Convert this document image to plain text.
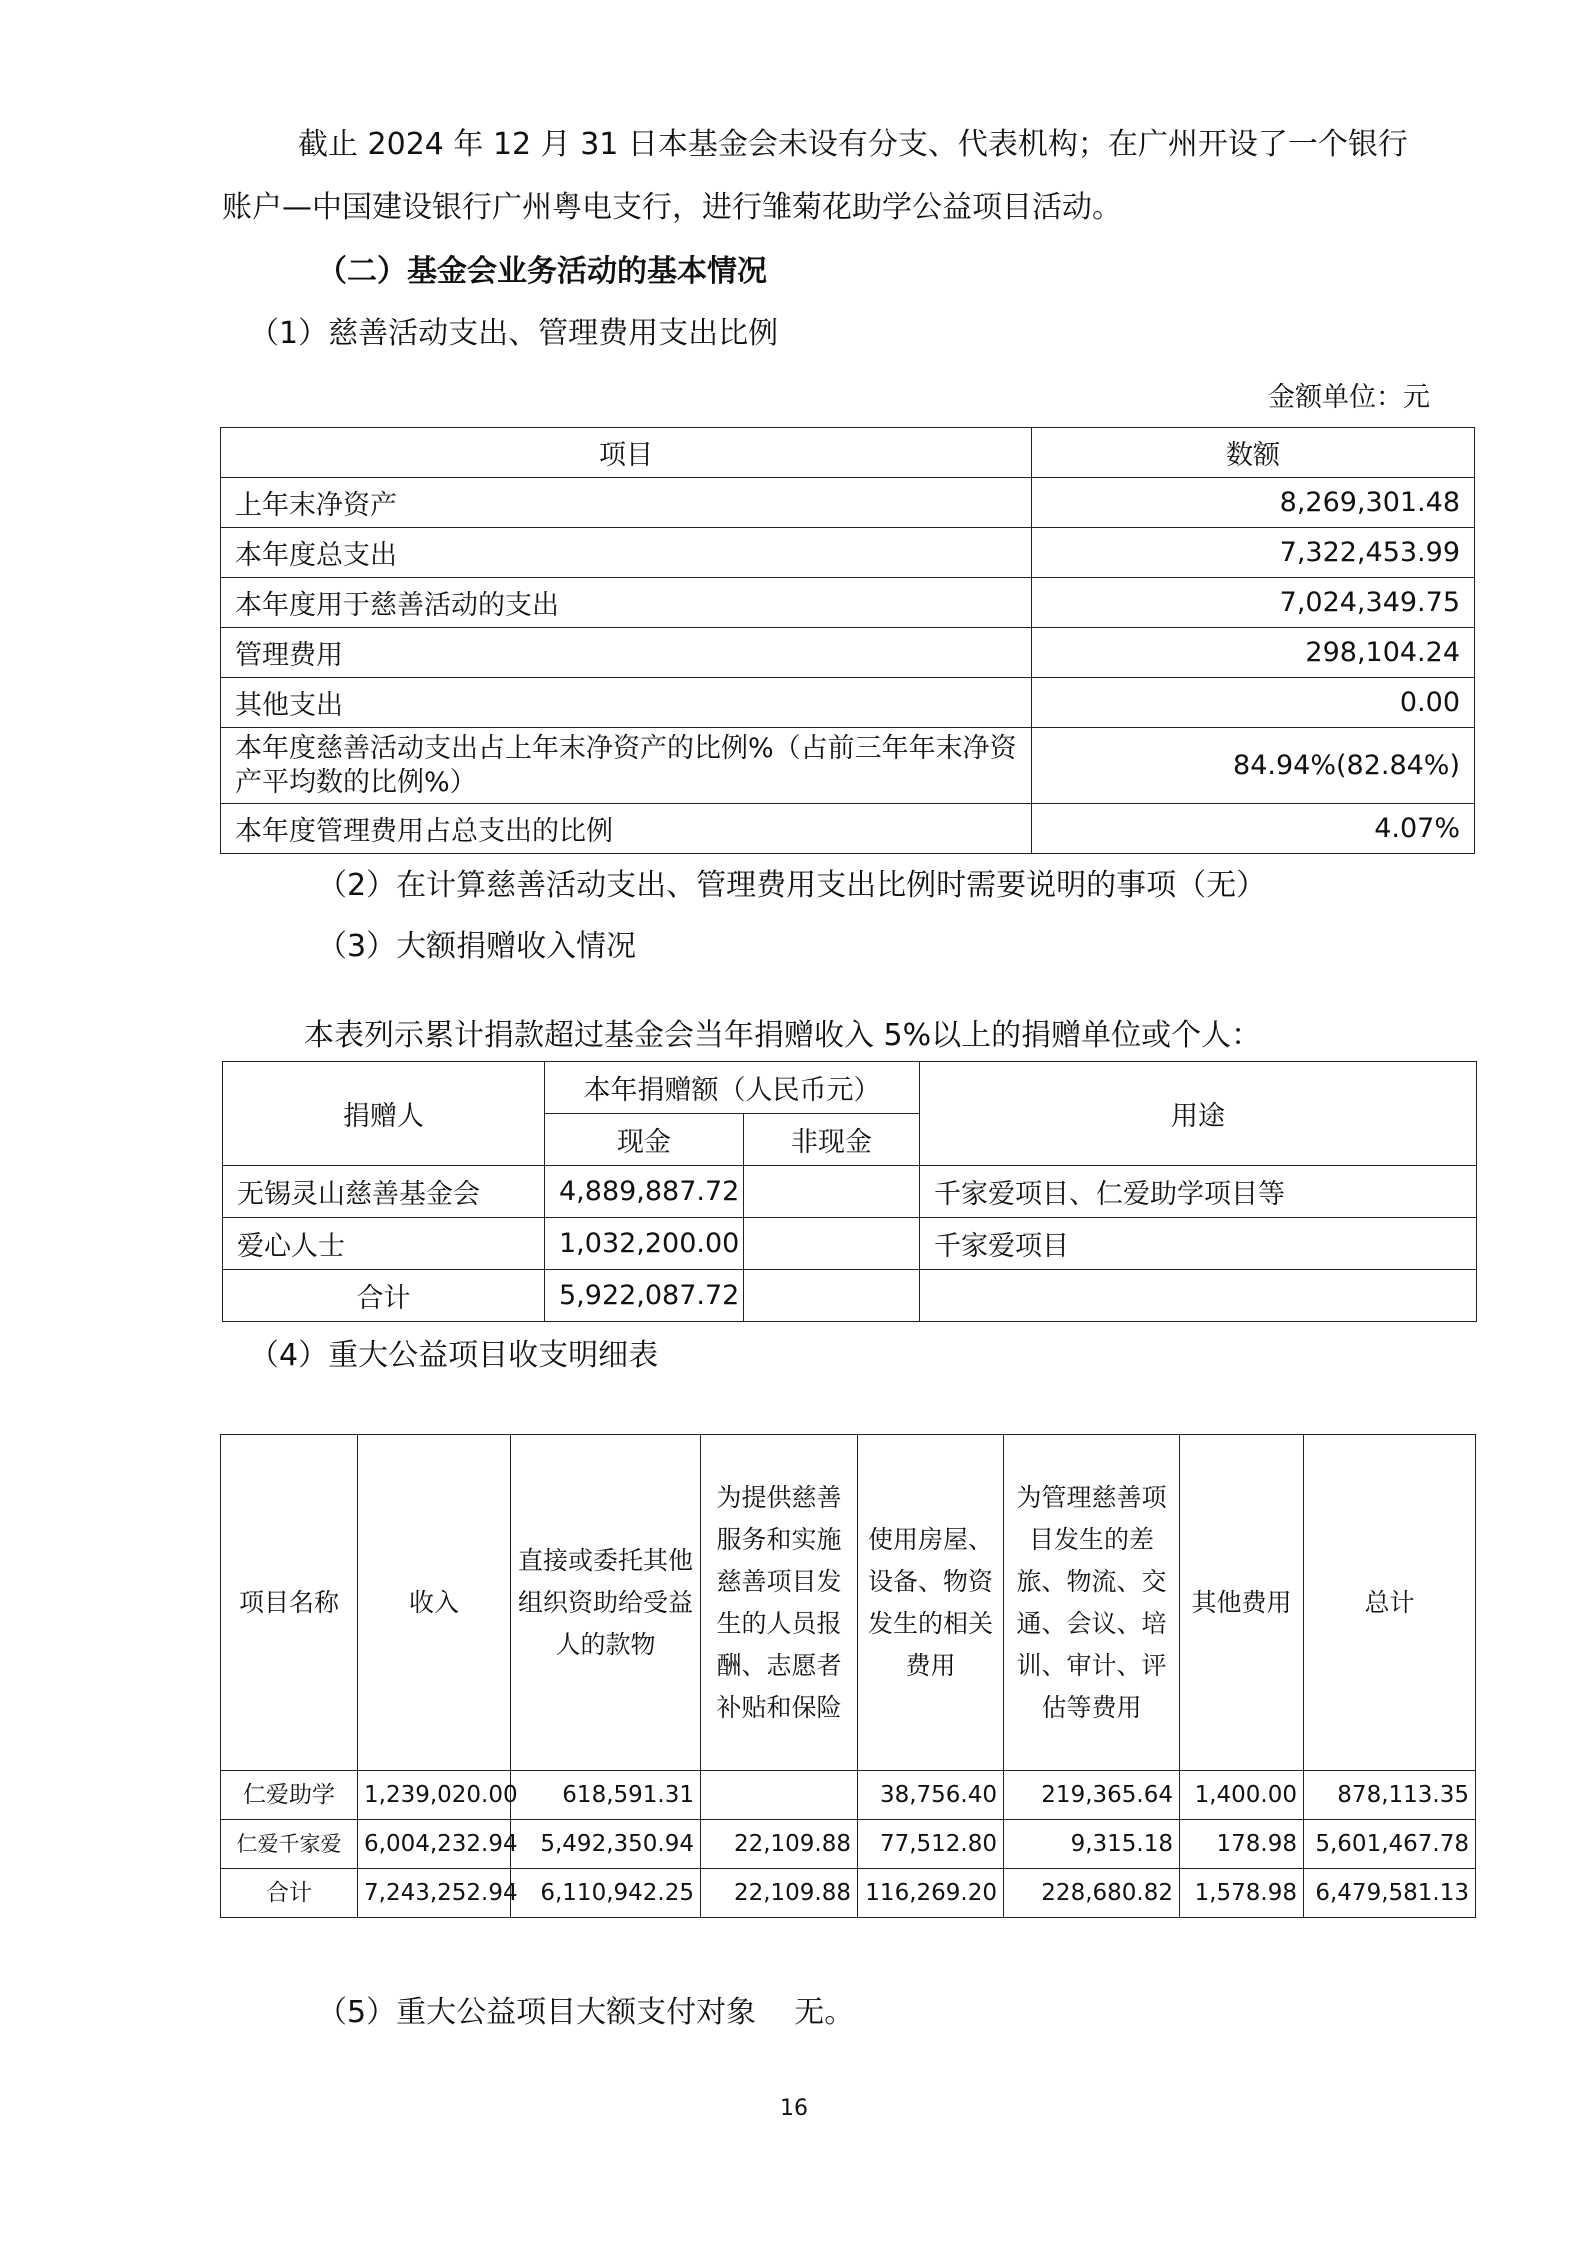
截止 2024 年 12 月 31 日本基金会未设有分支、代表机构；在广州开设了一个银行
账户—中国建设银行广州粤电支行，进行雏菊花助学公益项目活动。
（二）基金会业务活动的基本情况
（1）慈善活动支出、管理费用支出比例
金额单位：元
项目	数额
上年末净资产	8,269,301.48
本年度总支出	7,322,453.99
本年度用于慈善活动的支出	7,024,349.75
管理费用	298,104.24
其他支出	0.00
本年度慈善活动支出占上年末净资产的比例%（占前三年年末净资产平均数的比例%）	84.94%(82.84%)
本年度管理费用占总支出的比例	4.07%
（2）在计算慈善活动支出、管理费用支出比例时需要说明的事项（无）
（3）大额捐赠收入情况
本表列示累计捐款超过基金会当年捐赠收入 5%以上的捐赠单位或个人：
捐赠人	本年捐赠额（人民币元）		用途
	现金	非现金	
无锡灵山慈善基金会	4,889,887.72		千家爱项目、仁爱助学项目等
爱心人士	1,032,200.00		千家爱项目
合计	5,922,087.72		
（4）重大公益项目收支明细表
项目名称	收入	直接或委托其他组织资助给受益人的款物	为提供慈善服务和实施慈善项目发生的人员报酬、志愿者补贴和保险	使用房屋、设备、物资发生的相关费用	为管理慈善项目发生的差旅、物流、交通、会议、培训、审计、评估等费用	其他费用	总计
仁爱助学	1,239,020.00	618,591.31		38,756.40	219,365.64	1,400.00	878,113.35
仁爱千家爱	6,004,232.94	5,492,350.94	22,109.88	77,512.80	9,315.18	178.98	5,601,467.78
合计	7,243,252.94	6,110,942.25	22,109.88	116,269.20	228,680.82	1,578.98	6,479,581.13
（5）重大公益项目大额支付对象 无。
16
